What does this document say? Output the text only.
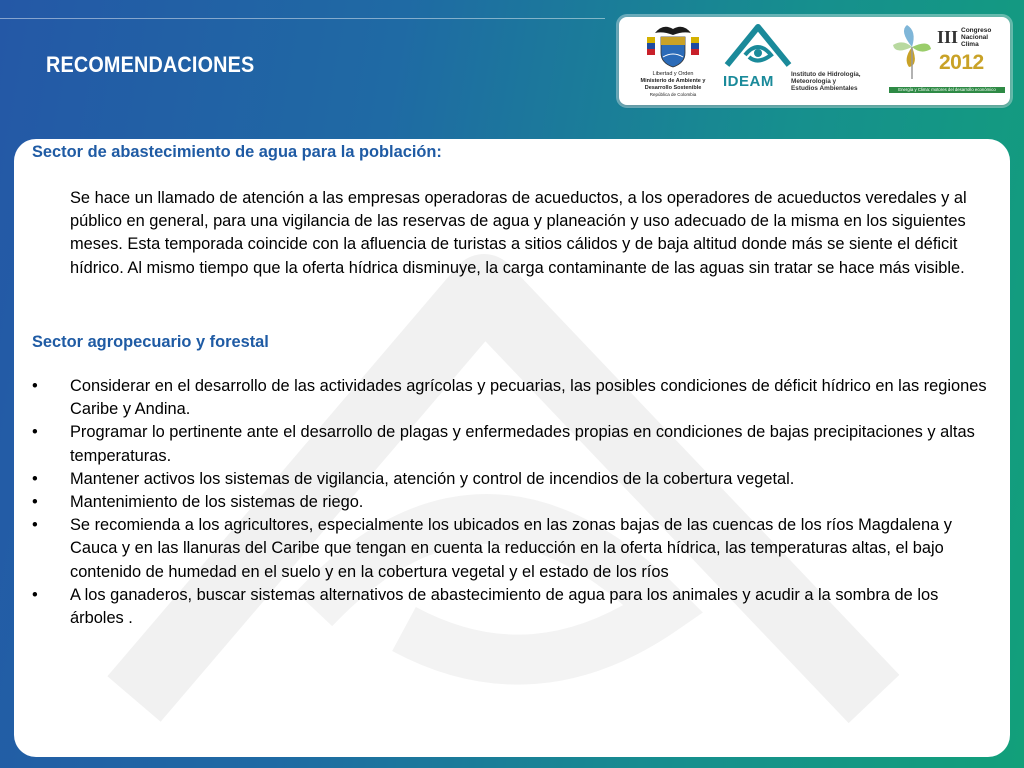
RECOMENDACIONES	Libertad y Orden
Ministerio de Ambiente y
Desarrollo Sostenible
República de Colombia
IDEAM	Instituto de Hidrología,
Meteorología y
Estudios Ambientales
III Congreso
Nacional
Clima
2012
Energía y Clima: motores del desarrollo económico
Sector de abastecimiento de agua para la población:

Se hace un llamado de atención a las empresas operadoras de acueductos, a los operadores de acueductos veredales y al público en general, para una vigilancia de las reservas de agua y planeación y uso adecuado de la misma en los siguientes meses. Esta temporada coincide con la afluencia de turistas a sitios cálidos y de baja altitud donde más se siente el déficit hídrico. Al mismo tiempo que la oferta hídrica disminuye, la carga contaminante de las aguas sin tratar se hace más visible.

Sector agropecuario y forestal
• Considerar en el desarrollo de las actividades agrícolas y pecuarias, las posibles condiciones de déficit hídrico en las regiones Caribe y Andina.
• Programar lo pertinente ante el desarrollo de plagas y enfermedades propias en condiciones de bajas precipitaciones y altas temperaturas.
• Mantener activos los sistemas de vigilancia, atención y control de incendios de la cobertura vegetal.
• Mantenimiento de los sistemas de riego.
• Se recomienda a los agricultores, especialmente los ubicados en las zonas bajas de las cuencas de los ríos Magdalena y Cauca y en las llanuras del Caribe que tengan en cuenta la reducción en la oferta hídrica, las temperaturas altas, el bajo contenido de humedad en el suelo y en la cobertura vegetal y el estado de los ríos
• A los ganaderos, buscar sistemas alternativos de abastecimiento de agua para los animales y acudir a la sombra de los árboles .
